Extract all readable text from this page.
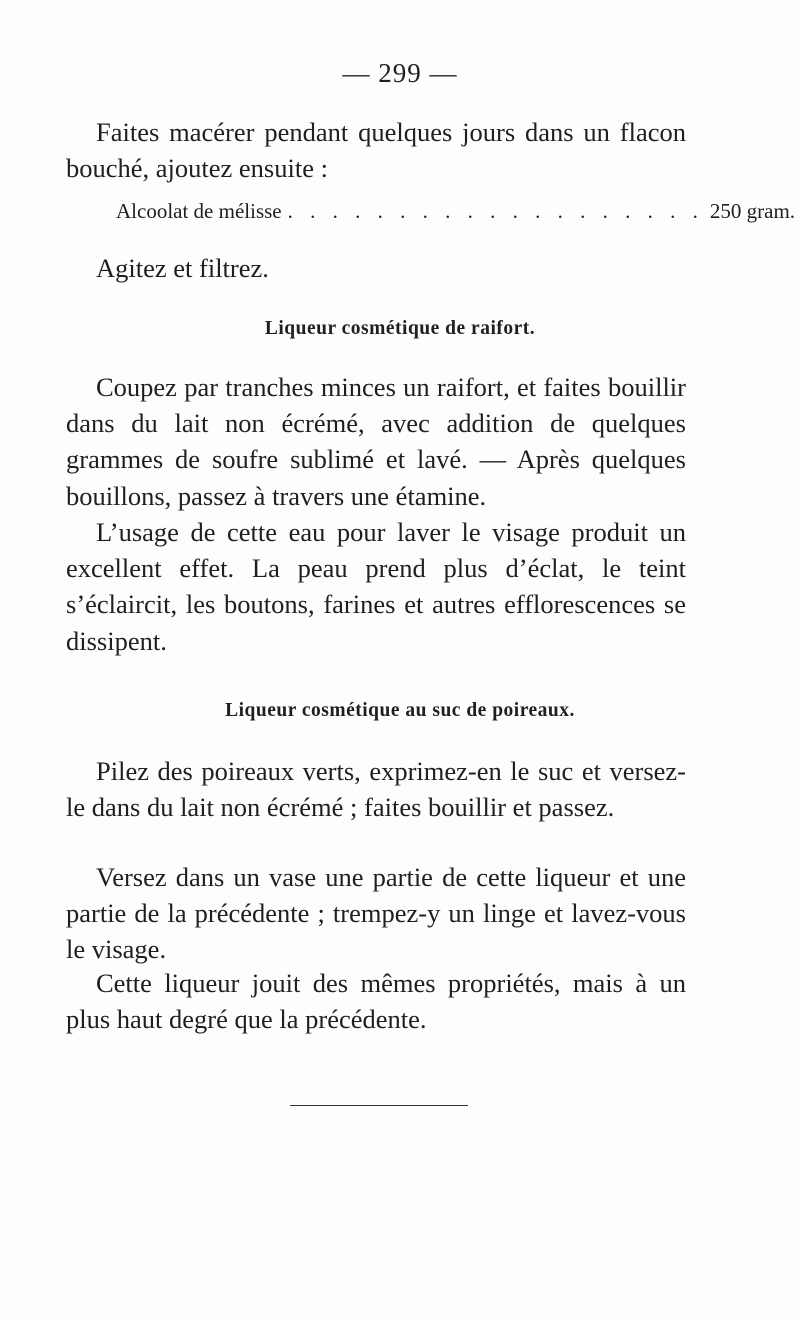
— 299 —

Faites macérer pendant quelques jours dans un flacon bouché, ajoutez ensuite :

Alcoolat de mélisse . . . . . . . . . . . . . . . . . . . 250 gram.

Agitez et filtrez.

Liqueur cosmétique de raifort.

Coupez par tranches minces un raifort, et faites bouillir dans du lait non écrémé, avec addition de quelques grammes de soufre sublimé et lavé. — Après quelques bouillons, passez à travers une étamine.

L’usage de cette eau pour laver le visage produit un excellent effet. La peau prend plus d’éclat, le teint s’éclaircit, les boutons, farines et autres efflorescences se dissipent.

Liqueur cosmétique au suc de poireaux.

Pilez des poireaux verts, exprimez-en le suc et versez-le dans du lait non écrémé ; faites bouillir et passez.

Versez dans un vase une partie de cette liqueur et une partie de la précédente ; trempez-y un linge et lavez-vous le visage.

Cette liqueur jouit des mêmes propriétés, mais à un plus haut degré que la précédente.
